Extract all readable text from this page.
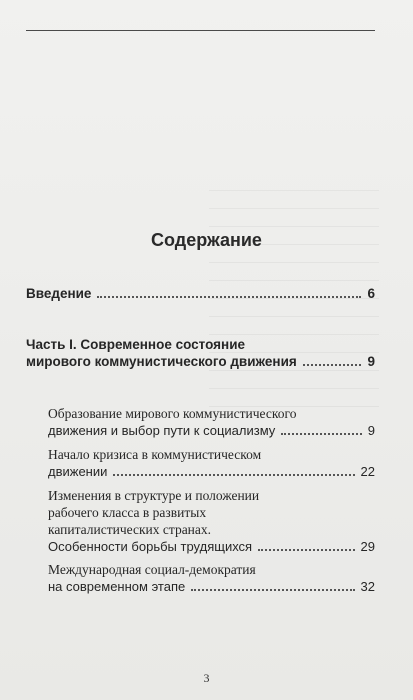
Содержание
Введение	6
Часть I. Современное состояние
мирового коммунистического движения	9
Образование мирового коммунистического
движения и выбор пути к социализму	9
Начало кризиса в коммунистическом
движении	22
Изменения в структуре и положении
рабочего класса в развитых
капиталистических странах.
Особенности борьбы трудящихся	29
Международная социал-демократия
на современном этапе	32
3
